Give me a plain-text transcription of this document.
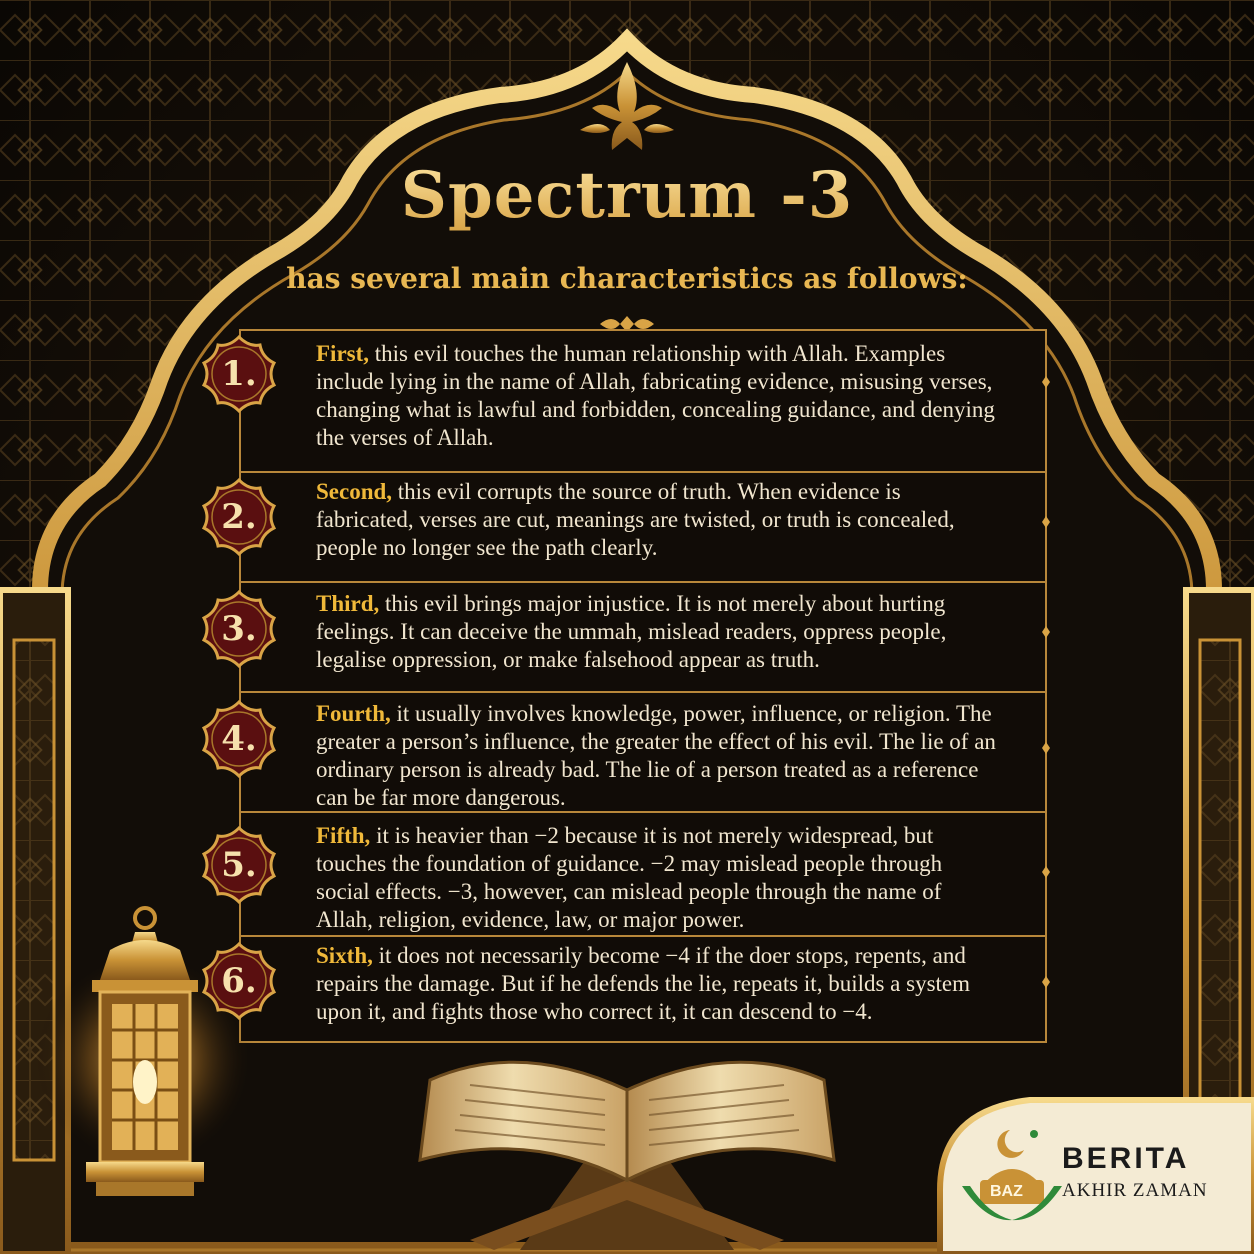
Spectrum -3
has several main characteristics as follows:
1.
First, this evil touches the human relationship with Allah. Examples include lying in the name of Allah, fabricating evidence, misusing verses, changing what is lawful and forbidden, concealing guidance, and denying the verses of Allah.
2.
Second, this evil corrupts the source of truth. When evidence is fabricated, verses are cut, meanings are twisted, or truth is concealed, people no longer see the path clearly.
3.
Third, this evil brings major injustice. It is not merely about hurting feelings. It can deceive the ummah, mislead readers, oppress people, legalise oppression, or make falsehood appear as truth.
4.
Fourth, it usually involves knowledge, power, influence, or religion. The greater a person’s influence, the greater the effect of his evil. The lie of an ordinary person is already bad. The lie of a person treated as a reference can be far more dangerous.
5.
Fifth, it is heavier than −2 because it is not merely widespread, but touches the foundation of guidance. −2 may mislead people through social effects. −3, however, can mislead people through the name of Allah, religion, evidence, law, or major power.
6.
Sixth, it does not necessarily become −4 if the doer stops, repents, and repairs the damage. But if he defends the lie, repeats it, builds a system upon it, and fights those who correct it, it can descend to −4.
BAZ
BERITA
AKHIR ZAMAN
